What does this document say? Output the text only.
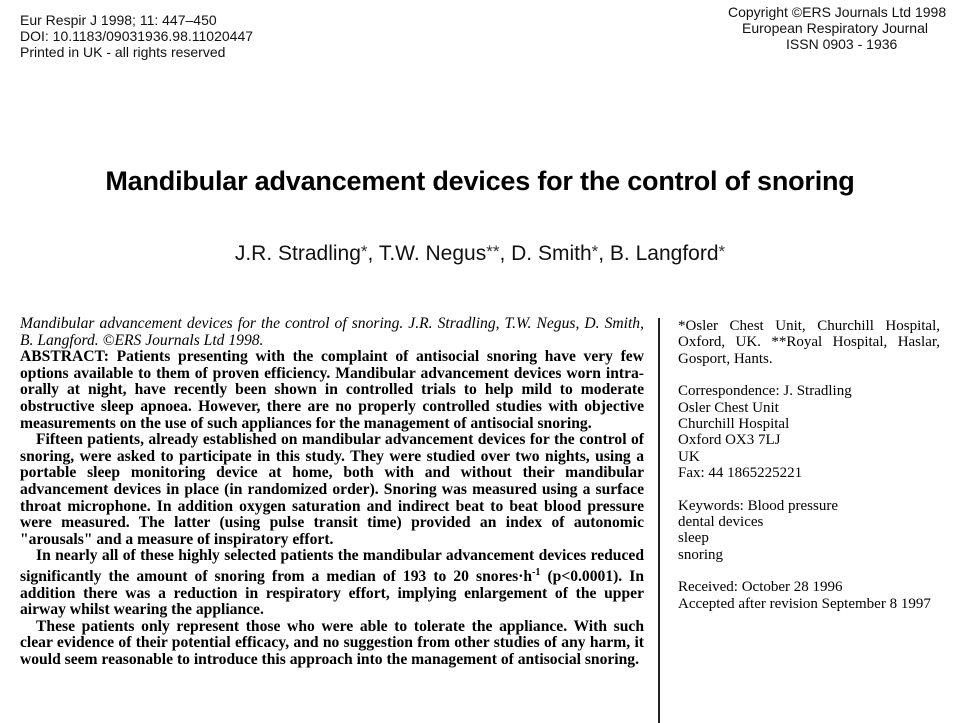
Eur Respir J 1998; 11: 447–450
DOI: 10.1183/09031936.98.11020447
Printed in UK - all rights reserved
Copyright ©ERS Journals Ltd 1998
European Respiratory Journal
ISSN 0903 - 1936
Mandibular advancement devices for the control of snoring
J.R. Stradling*, T.W. Negus**, D. Smith*, B. Langford*

Mandibular advancement devices for the control of snoring. J.R. Stradling, T.W. Negus, D. Smith, B. Langford. ©ERS Journals Ltd 1998.

ABSTRACT: Patients presenting with the complaint of antisocial snoring have very few options available to them of proven efficiency. Mandibular advancement devices worn intra-orally at night, have recently been shown in controlled trials to help mild to moderate obstructive sleep apnoea. However, there are no properly controlled studies with objective measurements on the use of such appliances for the management of antisocial snoring.

Fifteen patients, already established on mandibular advancement devices for the control of snoring, were asked to participate in this study. They were studied over two nights, using a portable sleep monitoring device at home, both with and without their mandibular advancement devices in place (in randomized order). Snoring was measured using a surface throat microphone. In addition oxygen saturation and indirect beat to beat blood pressure were measured. The latter (using pulse transit time) provided an index of autonomic "arousals" and a measure of inspiratory effort.

In nearly all of these highly selected patients the mandibular advancement devices reduced significantly the amount of snoring from a median of 193 to 20 $snores\cdot h^{-1}$ (p<0.0001). In addition there was a reduction in respiratory effort, implying enlargement of the upper airway whilst wearing the appliance.

These patients only represent those who were able to tolerate the appliance. With such clear evidence of their potential efficacy, and no suggestion from other studies of any harm, it would seem reasonable to introduce this approach into the management of antisocial snoring.

*Osler Chest Unit, Churchill Hospital, Oxford, UK. **Royal Hospital, Haslar, Gosport, Hants.

Correspondence: J. Stradling

Osler Chest Unit

Churchill Hospital

Oxford OX3 7LJ

UK

Fax: 44 1865225221

Keywords: Blood pressure

dental devices

sleep

snoring

Received: October 28 1996

Accepted after revision September 8 1997
